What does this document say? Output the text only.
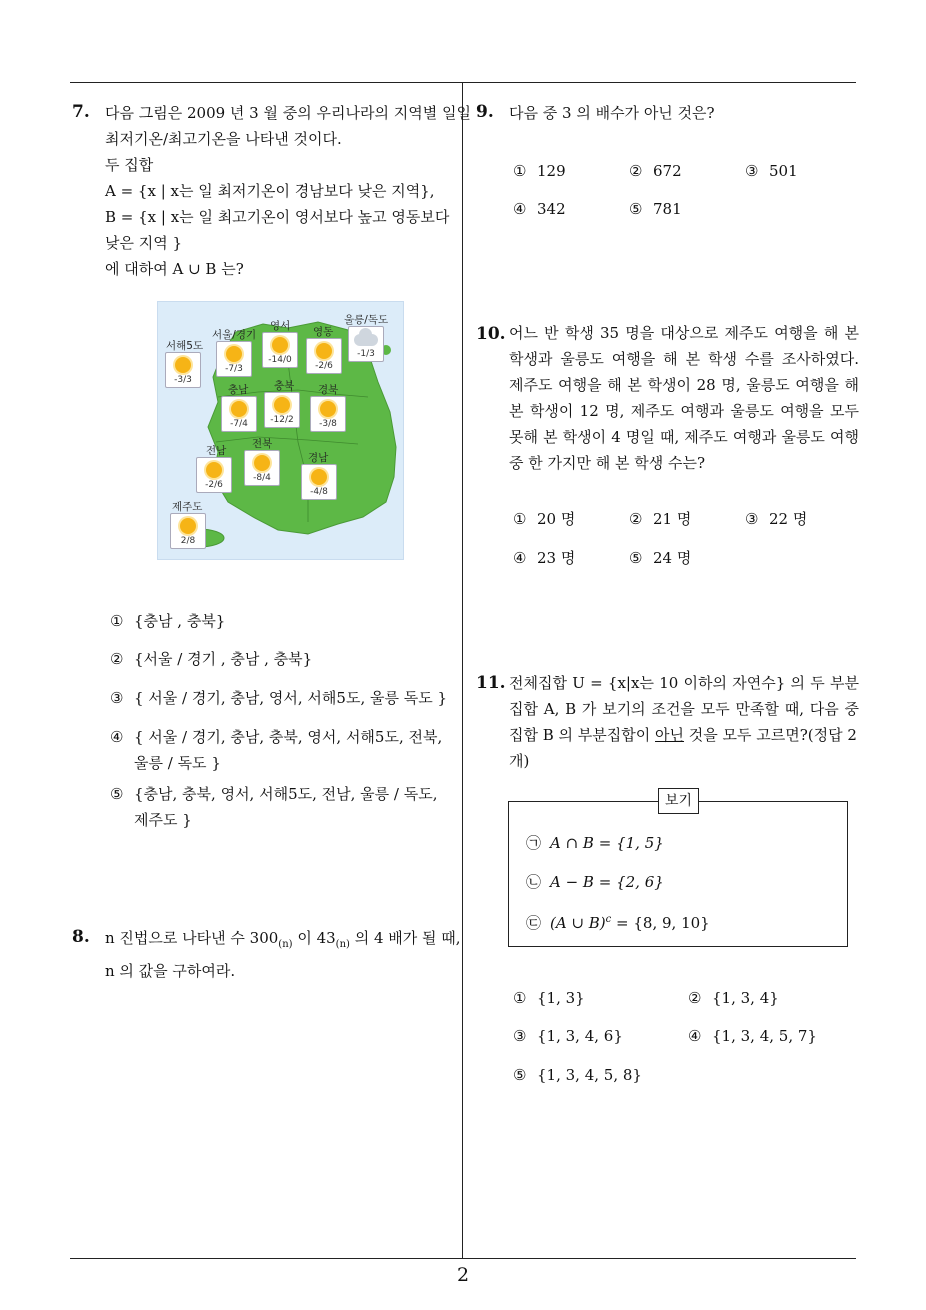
2
7. 다음 그림은 2009 년 3 월 중의 우리나라의 지역별 일일
최저기온/최고기온을 나타낸 것이다.
두 집합
A = {x | x는 일 최저기온이 경남보다 낮은 지역},
B = {x | x는 일 최고기온이 영서보다 높고 영동보다
낮은 지역 }
에 대하여 A ∪ B 는?
서해5도
-3/3
서울/경기
-7/3
영서
-14/0
영동
-2/6
울릉/독도
-1/3
충남
-7/4
충북
-12/2
경북
-3/8
전남
-2/6
전북
-8/4
경남
-4/8
제주도
2/8
① {충남 , 충북}
② {서울 / 경기 , 충남 , 충북}
③ { 서울 / 경기, 충남, 영서, 서해5도, 울릉 독도 }
④ { 서울 / 경기, 충남, 충북, 영서, 서해5도, 전북,
울릉 / 독도 }
⑤ {충남, 충북, 영서, 서해5도, 전남, 울릉 / 독도,
제주도 }
8. n 진법으로 나타낸 수 $300_{(n)}$ 이 $43_{(n)}$ 의 4 배가 될 때,
n 의 값을 구하여라.
9. 다음 중 3 의 배수가 아닌 것은?
① 129	② 672	③ 501
④ 342	⑤ 781
10. 어느 반 학생 35 명을 대상으로 제주도 여행을 해 본
학생과 울릉도 여행을 해 본 학생 수를 조사하였다.
제주도 여행을 해 본 학생이 28 명, 울릉도 여행을 해
본 학생이 12 명, 제주도 여행과 울릉도 여행을 모두
못해 본 학생이 4 명일 때, 제주도 여행과 울릉도 여행
중 한 가지만 해 본 학생 수는?
① 20 명	② 21 명	③ 22 명
④ 23 명	⑤ 24 명
11. 전체집합 U = {x|x는 10 이하의 자연수} 의 두 부분
집합 A, B 가 보기의 조건을 모두 만족할 때, 다음 중
집합 B 의 부분집합이 아닌 것을 모두 고르면?(정답 2
개)
보기
㉠ A ∩ B = {1, 5}
㉡ A − B = {2, 6}
㉢ (A ∪ B)$^c$ = {8, 9, 10}
① {1, 3}	② {1, 3, 4}
③ {1, 3, 4, 6}	④ {1, 3, 4, 5, 7}
⑤ {1, 3, 4, 5, 8}
